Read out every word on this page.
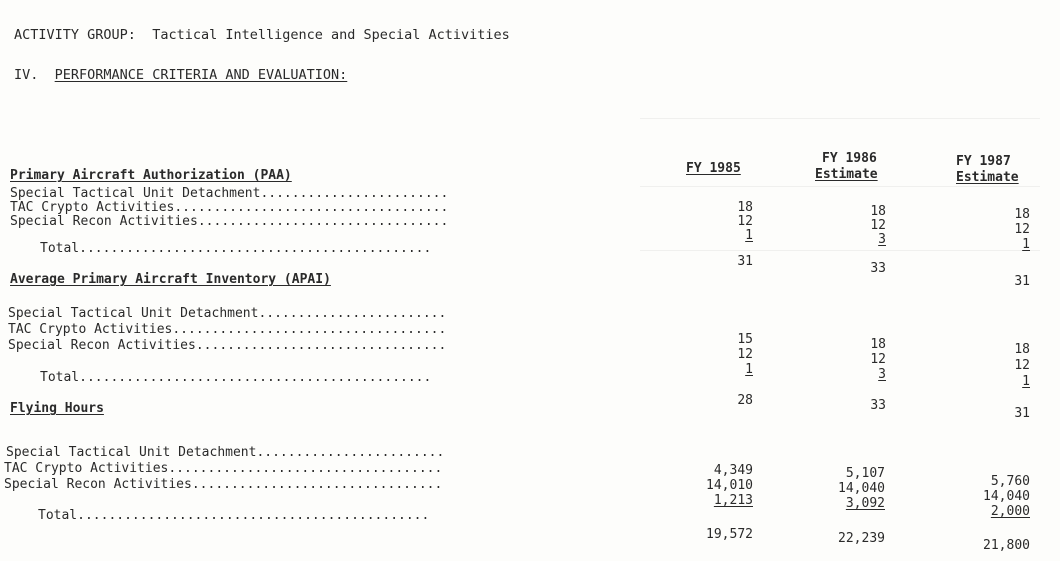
ACTIVITY GROUP: Tactical Intelligence and Special Activities
IV. PERFORMANCE CRITERIA AND EVALUATION:
FY 1985
FY 1986
Estimate
FY 1987
Estimate
Primary Aircraft Authorization (PAA)
Special Tactical Unit Detachment........................
TAC Crypto Activities...................................
Special Recon Activities................................
Total.............................................
18
12
1
31
18
12
3
33
18
12
1
31
Average Primary Aircraft Inventory (APAI)
Special Tactical Unit Detachment........................
TAC Crypto Activities...................................
Special Recon Activities................................
Total.............................................
15
12
1
28
18
12
3
33
18
12
1
31
Flying Hours
Special Tactical Unit Detachment........................
TAC Crypto Activities...................................
Special Recon Activities................................
Total.............................................
4,349
14,010
1,213
19,572
5,107
14,040
3,092
22,239
5,760
14,040
2,000
21,800
